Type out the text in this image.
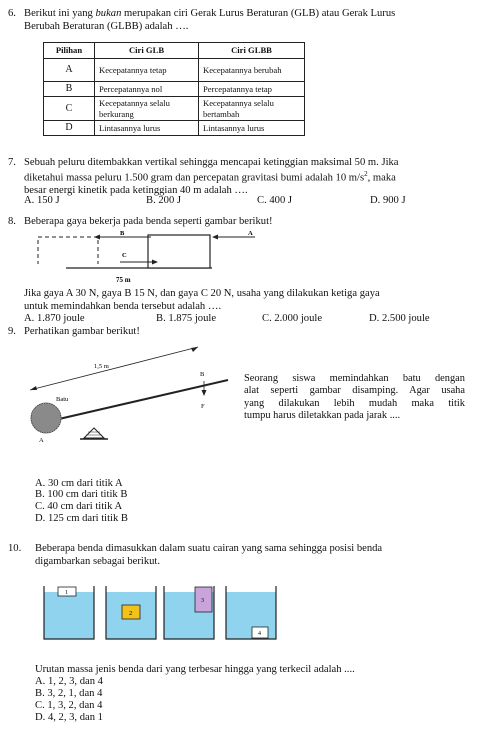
6. Berikut ini yang bukan merupakan ciri Gerak Lurus Beraturan (GLB) atau Gerak Lurus
Berubah Beraturan (GLBB) adalah ….
Pilihan	Ciri GLB	Ciri GLBB
A	Kecepatannya tetap	Kecepatannya berubah
B	Percepatannya nol	Percepatannya tetap
C	Kecepatannya selalu berkurang	Kecepatannya selalu bertambah
D	Lintasannya lurus	Lintasannya lurus
7. Sebuah peluru ditembakkan vertikal sehingga mencapai ketinggian maksimal 50 m. Jika
diketahui massa peluru 1.500 gram dan percepatan gravitasi bumi adalah 10 $m/s^2$, maka
besar energi kinetik pada ketinggian 40 m adalah ….
A. 150 J	B. 200 J	C. 400 J	D. 900 J
8. Beberapa gaya bekerja pada benda seperti gambar berikut!
B
C
A
75 m
Jika gaya A 30 N, gaya B 15 N, dan gaya C 20 N, usaha yang dilakukan ketiga gaya
untuk memindahkan benda tersebut adalah ….
A. 1.870 joule	B. 1.875 joule	C. 2.000 joule	D. 2.500 joule
9. Perhatikan gambar berikut!
1,5 m
Batu
A
B
F
Seorang siswa memindahkan batu dengan
alat seperti gambar disamping. Agar usaha
yang dilakukan lebih mudah maka titik
tumpu harus diletakkan pada jarak ....
A. 30 cm dari titik A
B. 100 cm dari titik B
C. 40 cm dari titik A
D. 125 cm dari titik B
10. Beberapa benda dimasukkan dalam suatu cairan yang sama sehingga posisi benda
digambarkan sebagai berikut.
1
2
3
4
Urutan massa jenis benda dari yang terbesar hingga yang terkecil adalah ....
A. 1, 2, 3, dan 4
B. 3, 2, 1, dan 4
C. 1, 3, 2, dan 4
D. 4, 2, 3, dan 1
